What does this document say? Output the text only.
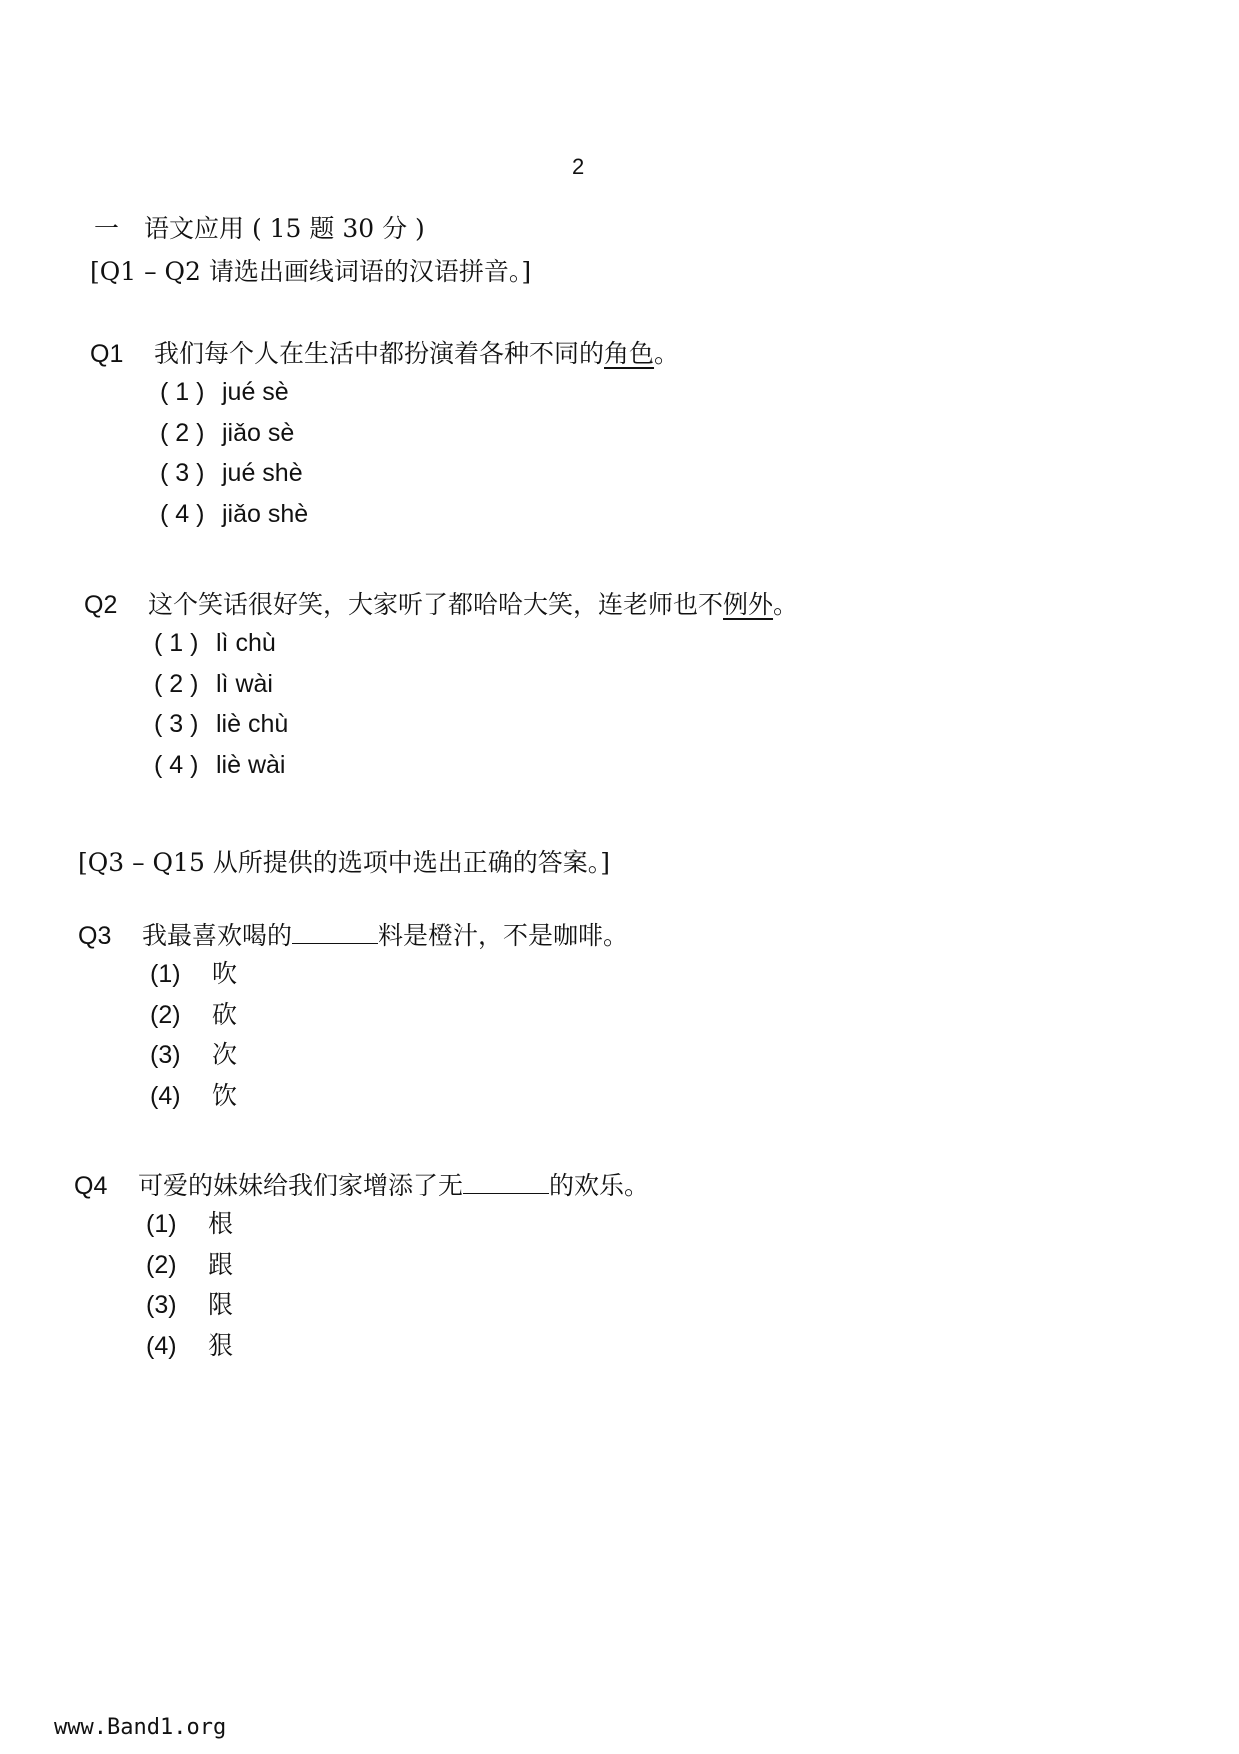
2
一 语文应用 ( 15 题 30 分 )
[Q1 – Q2 请选出画线词语的汉语拼音。]
Q1 我们每个人在生活中都扮演着各种不同的角色。
( 1 ) jué sè
( 2 ) jiǎo sè
( 3 ) jué shè
( 4 ) jiǎo shè
Q2 这个笑话很好笑，大家听了都哈哈大笑，连老师也不例外。
( 1 ) lì chù
( 2 ) lì wài
( 3 ) liè chù
( 4 ) liè wài
[Q3 – Q15 从所提供的选项中选出正确的答案。]
Q3 我最喜欢喝的	料是橙汁，不是咖啡。
(1) 吹
(2) 砍
(3) 次
(4) 饮
Q4 可爱的妹妹给我们家增添了无	的欢乐。
(1) 根
(2) 跟
(3) 限
(4) 狠
www.Band1.org
